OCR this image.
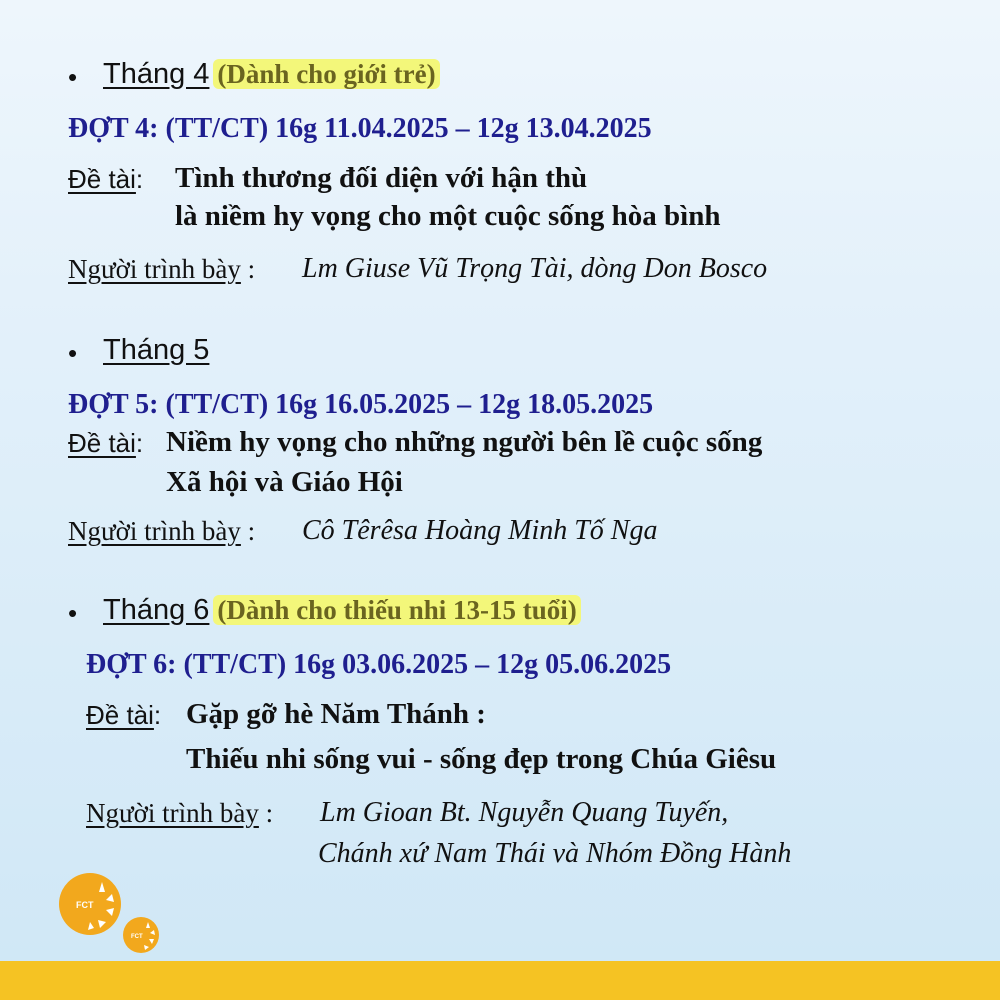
• Tháng 4 (Dành cho giới trẻ)
ĐỢT 4: (TT/CT) 16g 11.04.2025 – 12g 13.04.2025
Đề tài: Tình thương đối diện với hận thù
là niềm hy vọng cho một cuộc sống hòa bình
Người trình bày : Lm Giuse Vũ Trọng Tài, dòng Don Bosco
• Tháng 5
ĐỢT 5: (TT/CT) 16g 16.05.2025 – 12g 18.05.2025
Đề tài: Niềm hy vọng cho những người bên lề cuộc sống
Xã hội và Giáo Hội
Người trình bày : Cô Têrêsa Hoàng Minh Tố Nga
• Tháng 6 (Dành cho thiếu nhi 13-15 tuổi)
ĐỢT 6: (TT/CT) 16g 03.06.2025 – 12g 05.06.2025
Đề tài: Gặp gỡ hè Năm Thánh :
Thiếu nhi sống vui - sống đẹp trong Chúa Giêsu
Người trình bày : Lm Gioan Bt. Nguyễn Quang Tuyến,
Chánh xứ Nam Thái và Nhóm Đồng Hành
FCT
FCT
